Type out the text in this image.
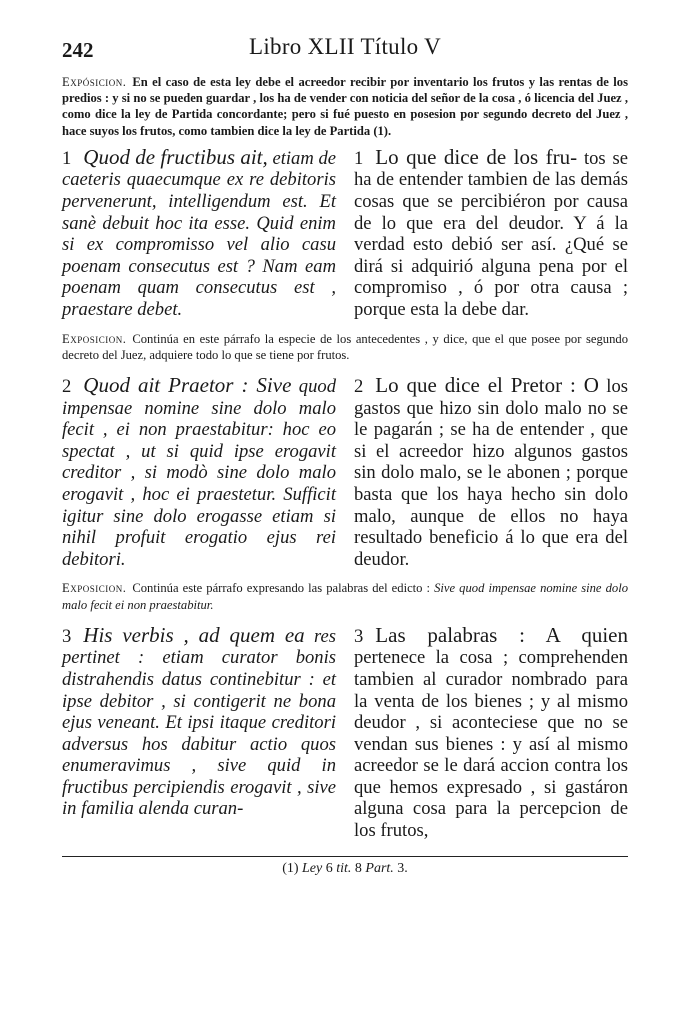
242	Libro XLII Título V

Expósicion. En el caso de esta ley debe el acreedor recibir por inventario los frutos y las rentas de los predios : y si no se pueden guardar , los ha de vender con noticia del señor de la cosa , ó licencia del Juez , como dice la ley de Partida concordante; pero si fué puesto en posesion por segundo decreto del Juez , hace suyos los frutos, como tambien dice la ley de Partida (1).

1 Quod de fructibus ait, etiam de caeteris quaecumque ex re debitoris pervenerunt, intelligendum est. Et sanè debuit hoc ita esse. Quid enim si ex compromisso vel alio casu poenam consecutus est ? Nam eam poenam quam consecutus est , praestare debet.

1 Lo que dice de los fru- tos se ha de entender tambien de las demás cosas que se percibiéron por causa de lo que era del deudor. Y á la verdad esto debió ser así. ¿Qué se dirá si adquirió alguna pena por el compromiso , ó por otra causa ; porque esta la debe dar.

Exposicion. Continúa en este párrafo la especie de los antecedentes , y dice, que el que posee por segundo decreto del Juez, adquiere todo lo que se tiene por frutos.

2 Quod ait Praetor : Sive quod impensae nomine sine dolo malo fecit , ei non praestabitur: hoc eo spectat , ut si quid ipse erogavit creditor , si modò sine dolo malo erogavit , hoc ei praestetur. Sufficit igitur sine dolo erogasse etiam si nihil profuit erogatio ejus rei debitori.

2 Lo que dice el Pretor : O los gastos que hizo sin dolo malo no se le pagarán ; se ha de entender , que si el acreedor hizo algunos gastos sin dolo malo, se le abonen ; porque basta que los haya hecho sin dolo malo, aunque de ellos no haya resultado beneficio á lo que era del deudor.

Exposicion. Continúa este párrafo expresando las palabras del edicto : Sive quod impensae nomine sine dolo malo fecit ei non praestabitur.

3 His verbis , ad quem ea res pertinet : etiam curator bonis distrahendis datus continebitur : et ipse debitor , si contigerit ne bona ejus veneant. Et ipsi itaque creditori adversus hos dabitur actio quos enumeravimus , sive quid in fructibus percipiendis erogavit , sive in familia alenda curan-

3 Las palabras : A quien pertenece la cosa ; comprehenden tambien al curador nombrado para la venta de los bienes ; y al mismo deudor , si aconteciese que no se vendan sus bienes : y así al mismo acreedor se le dará accion contra los que hemos expresado , si gastáron alguna cosa para la percepcion de los frutos,

(1) Ley 6 tit. 8 Part. 3.
